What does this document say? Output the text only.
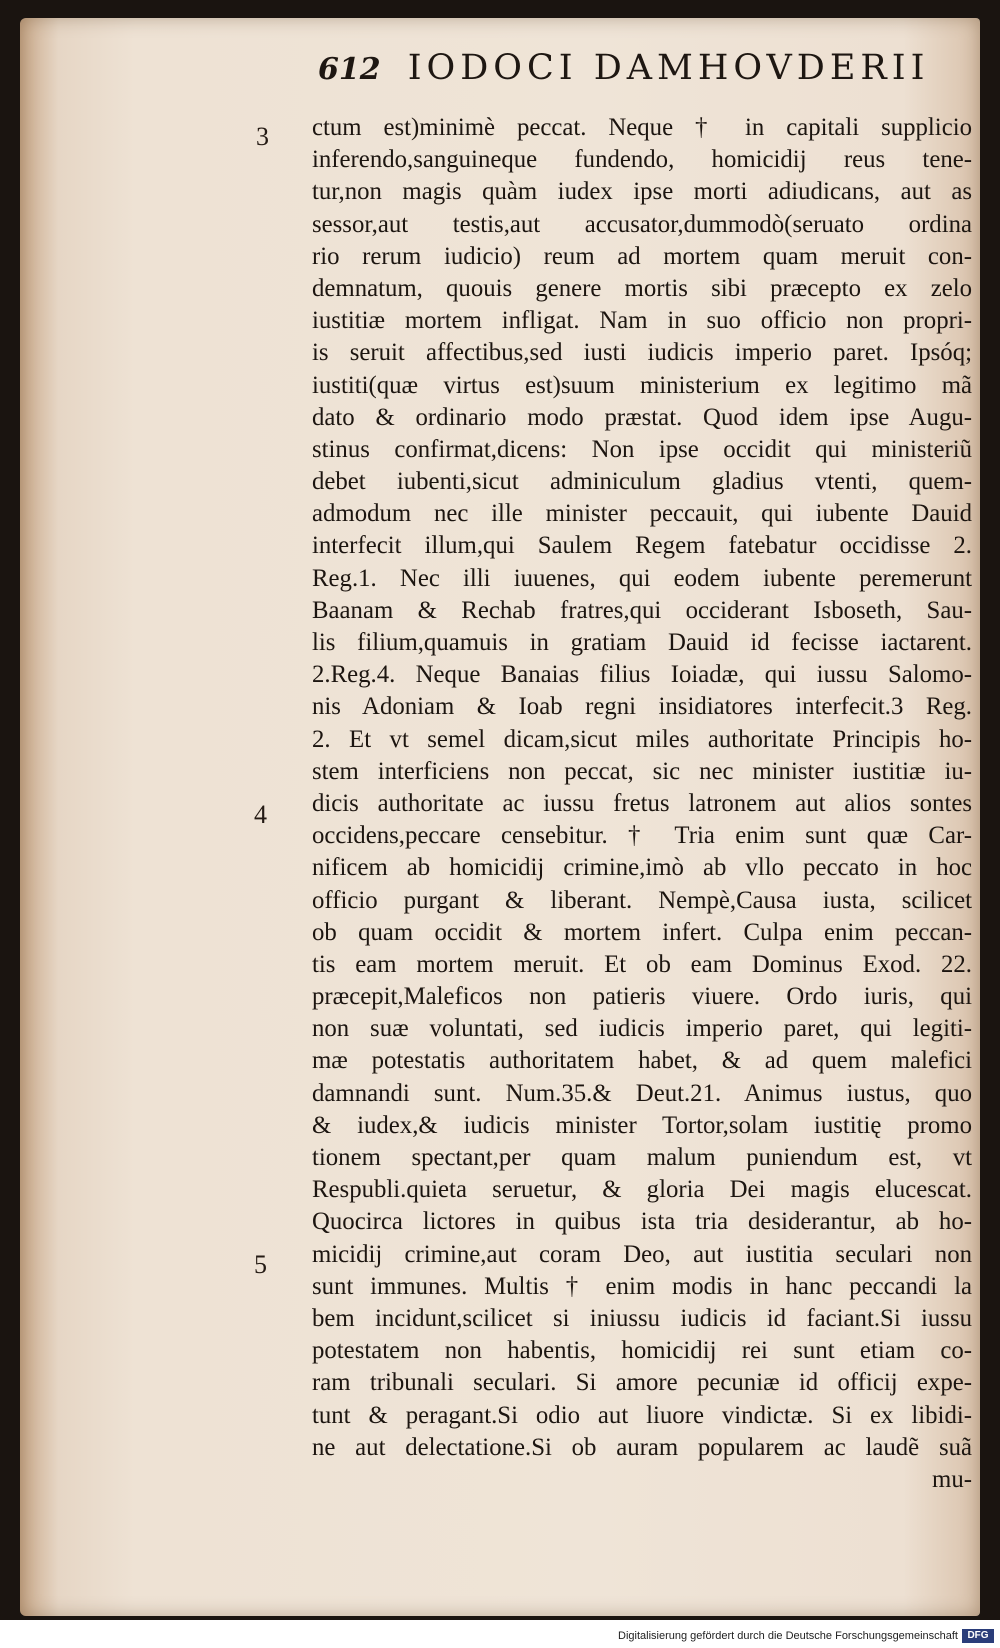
612 IODOCI DAMHOVDERII
3
4
5
ctum est)minimè peccat. Neque † in capitali supplicio
inferendo,sanguineque fundendo, homicidij reus tene-
tur,non magis quàm iudex ipse morti adiudicans, aut as
sessor,aut testis,aut accusator,dummodò(seruato ordina
rio rerum iudicio) reum ad mortem quam meruit con-
demnatum, quouis genere mortis sibi præcepto ex zelo
iustitiæ mortem infligat. Nam in suo officio non propri-
is seruit affectibus,sed iusti iudicis imperio paret. Ipsóq;
iustiti(quæ virtus est)suum ministerium ex legitimo mã
dato & ordinario modo præstat. Quod idem ipse Augu-
stinus confirmat,dicens: Non ipse occidit qui ministeriũ
debet iubenti,sicut adminiculum gladius vtenti, quem-
admodum nec ille minister peccauit, qui iubente Dauid
interfecit illum,qui Saulem Regem fatebatur occidisse 2.
Reg.1. Nec illi iuuenes, qui eodem iubente peremerunt
Baanam & Rechab fratres,qui occiderant Isboseth, Sau-
lis filium,quamuis in gratiam Dauid id fecisse iactarent.
2.Reg.4. Neque Banaias filius Ioiadæ, qui iussu Salomo-
nis Adoniam & Ioab regni insidiatores interfecit.3 Reg.
2. Et vt semel dicam,sicut miles authoritate Principis ho-
stem interficiens non peccat, sic nec minister iustitiæ iu-
dicis authoritate ac iussu fretus latronem aut alios sontes
occidens,peccare censebitur. † Tria enim sunt quæ Car-
nificem ab homicidij crimine,imò ab vllo peccato in hoc
officio purgant & liberant. Nempè,Causa iusta, scilicet
ob quam occidit & mortem infert. Culpa enim peccan-
tis eam mortem meruit. Et ob eam Dominus Exod. 22.
præcepit,Maleficos non patieris viuere. Ordo iuris, qui
non suæ voluntati, sed iudicis imperio paret, qui legiti-
mæ potestatis authoritatem habet, & ad quem malefici
damnandi sunt. Num.35.& Deut.21. Animus iustus, quo
& iudex,& iudicis minister Tortor,solam iustitię promo
tionem spectant,per quam malum puniendum est, vt
Respubli.quieta seruetur, & gloria Dei magis elucescat.
Quocirca lictores in quibus ista tria desiderantur, ab ho-
micidij crimine,aut coram Deo, aut iustitia seculari non
sunt immunes. Multis † enim modis in hanc peccandi la
bem incidunt,scilicet si iniussu iudicis id faciant.Si iussu
potestatem non habentis, homicidij rei sunt etiam co-
ram tribunali seculari. Si amore pecuniæ id officij expe-
tunt & peragant.Si odio aut liuore vindictæ. Si ex libidi-
ne aut delectatione.Si ob auram popularem ac laudẽ suã
mu-
Digitalisierung gefördert durch die Deutsche Forschungsgemeinschaft DFG
